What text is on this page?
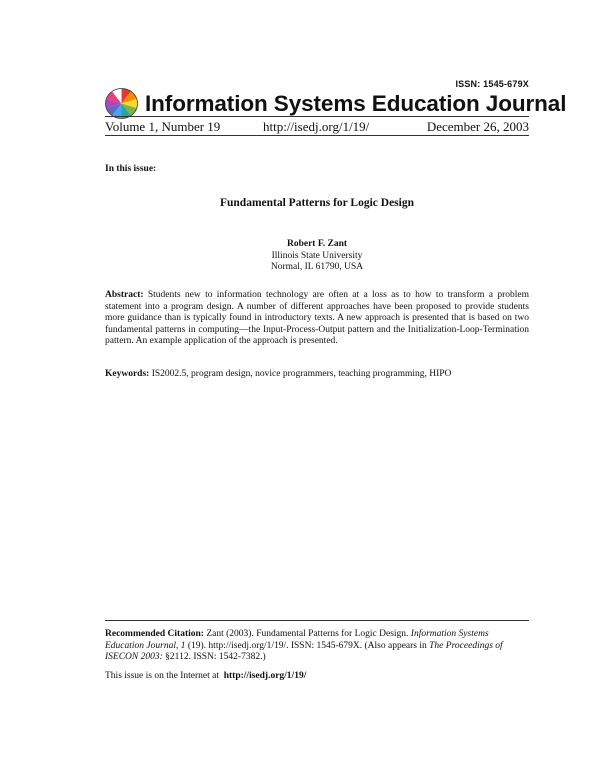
ISSN: 1545-679X
Information Systems Education Journal
Volume 1, Number 19	http://isedj.org/1/19/	December 26, 2003
In this issue:
Fundamental Patterns for Logic Design
Robert F. Zant
Illinois State University
Normal, IL 61790, USA
Abstract: Students new to information technology are often at a loss as to how to transform a problem statement into a program design. A number of different approaches have been proposed to provide students more guidance than is typically found in introductory texts. A new approach is presented that is based on two fundamental patterns in computing—the Input-Process-Output pattern and the Initialization-Loop-Termination pattern. An example application of the approach is presented.
Keywords: IS2002.5, program design, novice programmers, teaching programming, HIPO
Recommended Citation: Zant (2003). Fundamental Patterns for Logic Design. Information Systems Education Journal, 1 (19). http://isedj.org/1/19/. ISSN: 1545-679X. (Also appears in The Proceedings of ISECON 2003: §2112. ISSN: 1542-7382.)
This issue is on the Internet at http://isedj.org/1/19/
